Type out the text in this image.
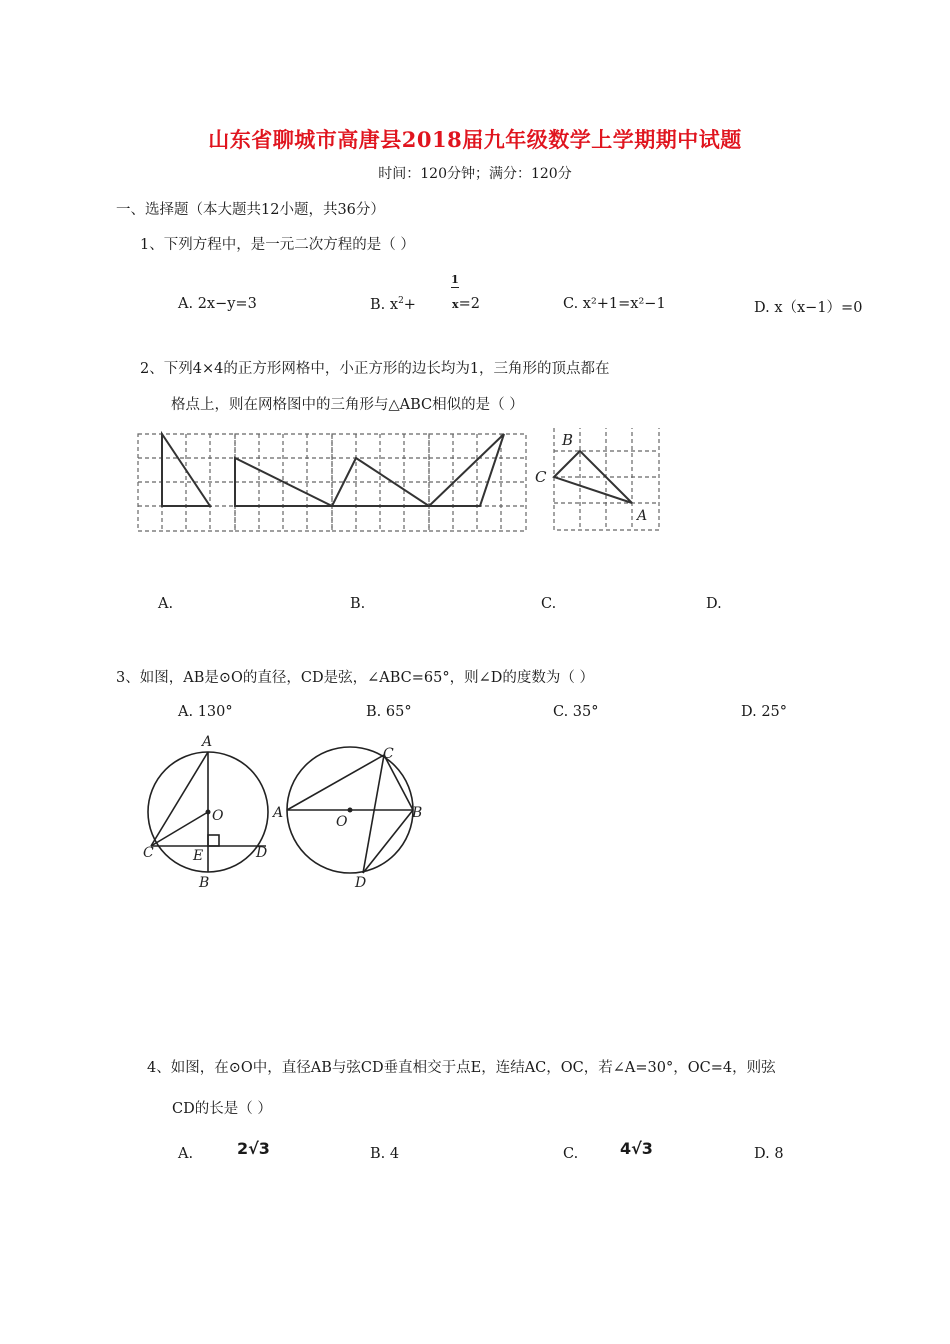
山东省聊城市高唐县2018届九年级数学上学期期中试题
时间：120分钟；满分：120分
一、选择题（本大题共12小题，共36分）
1、下列方程中，是一元二次方程的是（ ）
A. 2x−y=3	B. $x^2+$
1
x=2	C. x²+1=x²−1	D. x（x−1）=0
2、下列4×4的正方形网格中，小正方形的边长均为1，三角形的顶点都在
格点上，则在网格图中的三角形与△ABC相似的是（ ）
B
C
A
A.	B.	C.	D.
3、如图，AB是⊙O的直径，CD是弦，∠ABC=65°，则∠D的度数为（ ）
A. 130°	B. 65°	C. 35°	D. 25°
A
O
C	E	D
B
A
O
C
B
D
4、如图，在⊙O中，直径AB与弦CD垂直相交于点E，连结AC，OC，若∠A=30°，OC=4，则弦
CD的长是（ ）
A.	2√3	B. 4	C.	4√3	D. 8
